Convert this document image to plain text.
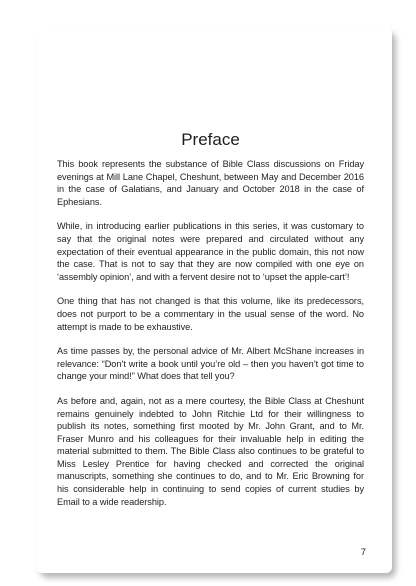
Preface

This book represents the substance of Bible Class discussions on Friday evenings at Mill Lane Chapel, Cheshunt, between May and December 2016 in the case of Galatians, and January and October 2018 in the case of Ephesians.

While, in introducing earlier publications in this series, it was customary to say that the original notes were prepared and circulated without any expectation of their eventual appearance in the public domain, this not now the case. That is not to say that they are now compiled with one eye on ‘assembly opinion’, and with a fervent desire not to ‘upset the apple-cart’!

One thing that has not changed is that this volume, like its predecessors, does not purport to be a commentary in the usual sense of the word. No attempt is made to be exhaustive.

As time passes by, the personal advice of Mr. Albert McShane increases in relevance: “Don’t write a book until you’re old – then you haven’t got time to change your mind!” What does that tell you?

As before and, again, not as a mere courtesy, the Bible Class at Cheshunt remains genuinely indebted to John Ritchie Ltd for their willingness to publish its notes, something first mooted by Mr. John Grant, and to Mr. Fraser Munro and his colleagues for their invaluable help in editing the material submitted to them. The Bible Class also continues to be grateful to Miss Lesley Prentice for having checked and corrected the original manuscripts, something she continues to do, and to Mr. Eric Browning for his considerable help in continuing to send copies of current studies by Email to a wide readership.

7
